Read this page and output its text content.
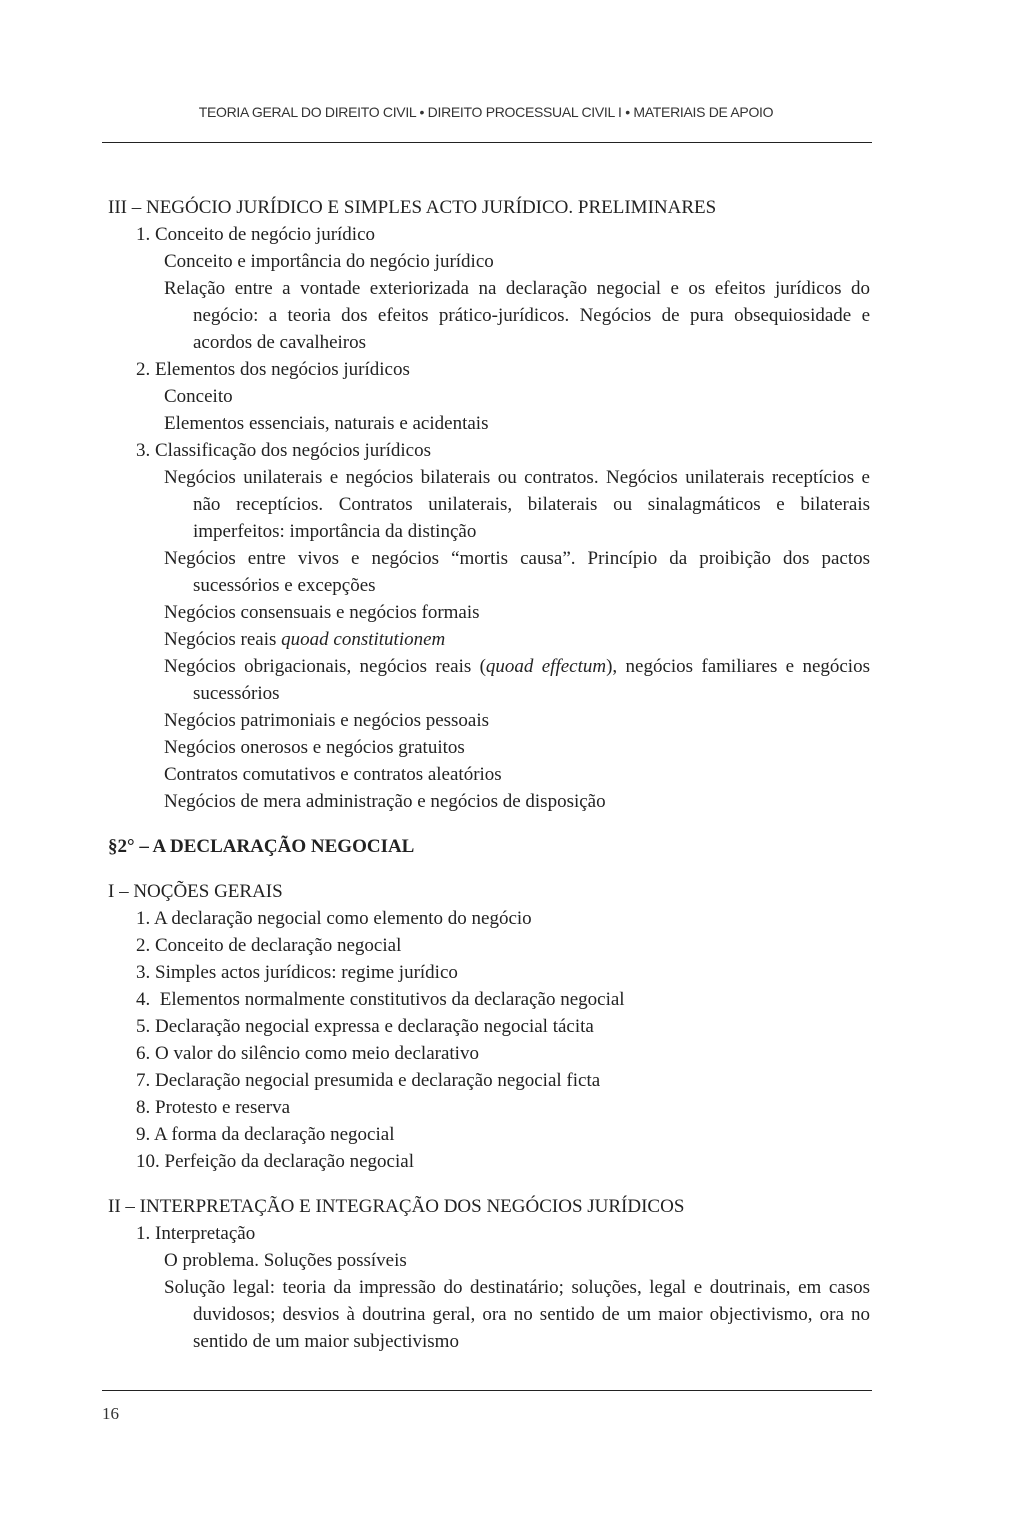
TEORIA GERAL DO DIREITO CIVIL • DIREITO PROCESSUAL CIVIL I • MATERIAIS DE APOIO
III – NEGÓCIO JURÍDICO E SIMPLES ACTO JURÍDICO. PRELIMINARES
1. Conceito de negócio jurídico
Conceito e importância do negócio jurídico
Relação entre a vontade exteriorizada na declaração negocial e os efeitos jurídicos do negócio: a teoria dos efeitos prático-jurídicos. Negócios de pura obsequiosidade e acordos de cavalheiros
2. Elementos dos negócios jurídicos
Conceito
Elementos essenciais, naturais e acidentais
3. Classificação dos negócios jurídicos
Negócios unilaterais e negócios bilaterais ou contratos. Negócios unilaterais receptícios e não receptícios. Contratos unilaterais, bilaterais ou sinalagmáticos e bilaterais imperfeitos: importância da distinção
Negócios entre vivos e negócios “mortis causa”. Princípio da proibição dos pactos sucessórios e excepções
Negócios consensuais e negócios formais
Negócios reais quoad constitutionem
Negócios obrigacionais, negócios reais (quoad effectum), negócios familiares e negócios sucessórios
Negócios patrimoniais e negócios pessoais
Negócios onerosos e negócios gratuitos
Contratos comutativos e contratos aleatórios
Negócios de mera administração e negócios de disposição
§2° – A DECLARAÇÃO NEGOCIAL
I – NOÇÕES GERAIS
1. A declaração negocial como elemento do negócio
2. Conceito de declaração negocial
3. Simples actos jurídicos: regime jurídico
4.  Elementos normalmente constitutivos da declaração negocial
5. Declaração negocial expressa e declaração negocial tácita
6. O valor do silêncio como meio declarativo
7. Declaração negocial presumida e declaração negocial ficta
8. Protesto e reserva
9. A forma da declaração negocial
10. Perfeição da declaração negocial
II – INTERPRETAÇÃO E INTEGRAÇÃO DOS NEGÓCIOS JURÍDICOS
1. Interpretação
O problema. Soluções possíveis
Solução legal: teoria da impressão do destinatário; soluções, legal e doutrinais, em casos duvidosos; desvios à doutrina geral, ora no sentido de um maior objectivismo, ora no sentido de um maior subjectivismo
16
